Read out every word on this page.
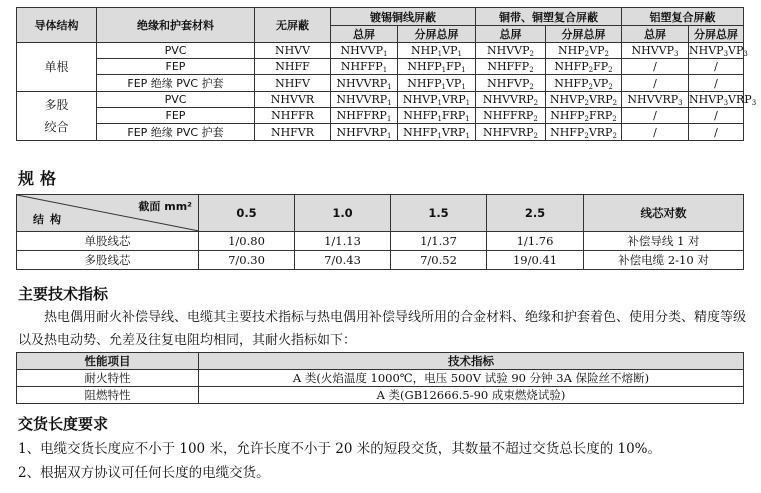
导体结构	绝缘和护套材料	无屏蔽	镀锡铜线屏蔽		铜带、铜塑复合屏蔽		铝塑复合屏蔽	
			总屏	分屏总屏	总屏	分屏总屏	总屏	分屏总屏

单根	PVC	NHVV	$NHVVP_1$	$NHP_1VP_1$	$NHVVP_2$	$NHP_2VP_2$	$NHVVP_3$	$NHVP_3VP_3$
	FEP	NHFF	$NHFFP_1$	$NHFP_1FP_1$	$NHFFP_2$	$NHFP_2FP_2$	/	/
	FEP 绝缘 PVC 护套	NHFV	$NHVVRP_1$	$NHFP_1VP_1$	$NHFVP_2$	$NHFP_2VP_2$	/	/

多股
绞合	PVC	NHVVR	$NHVVRP_1$	$NHVP_1VRP_1$	$NHVVRP_2$	$NHVP_2VRP_2$	$NHVVRP_3$	$NHVP_3VRP_3$
	FEP	NHFFR	$NHFFRP_1$	$NHFP_1FRP_1$	$NHFFRP_2$	$NHFP_2FRP_2$	/	/
	FEP 绝缘 PVC 护套	NHFVR	$NHFVRP_1$	$NHFP_1VRP_1$	$NHFVRP_2$	$NHFP_2VRP_2$	/	/
规格
截面 mm²
结构	0.5	1.0	1.5	2.5	线芯对数
单股线芯	1/0.80	1/1.13	1/1.37	1/1.76	补偿导线 1 对
多股线芯	7/0.30	7/0.43	7/0.52	19/0.41	补偿电缆 2-10 对
主要技术指标
热电偶用耐火补偿导线、电缆其主要技术指标与热电偶用补偿导线所用的合金材料、绝缘和护套着色、使用分类、精度等级以及热电动势、允差及往复电阻均相同，其耐火指标如下：
性能项目	技术指标
耐火特性	A 类(火焰温度 1000℃，电压 500V 试验 90 分钟 3A 保险丝不熔断)
阻燃特性	A 类(GB12666.5-90 成束燃烧试验)
交货长度要求
1、电缆交货长度应不小于 100 米，允许长度不小于 20 米的短段交货，其数量不超过交货总长度的 10%。
2、根据双方协议可任何长度的电缆交货。
